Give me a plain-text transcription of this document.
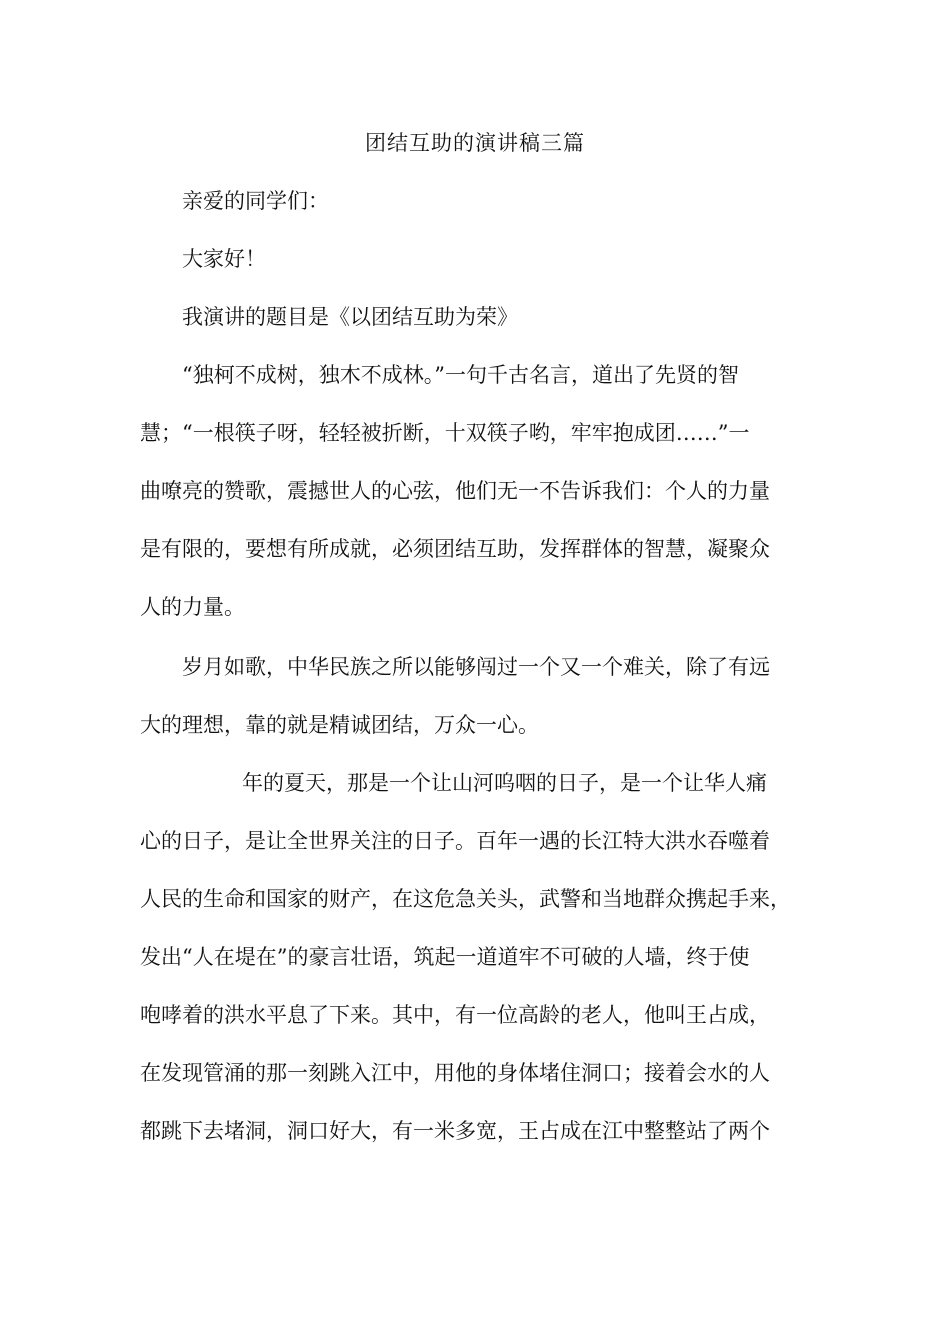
团结互助的演讲稿三篇
亲爱的同学们：
大家好！
我演讲的题目是《以团结互助为荣》
“独柯不成树，独木不成林。”一句千古名言，道出了先贤的智
慧；“一根筷子呀，轻轻被折断，十双筷子哟，牢牢抱成团……”一
曲嘹亮的赞歌，震撼世人的心弦，他们无一不告诉我们：个人的力量
是有限的，要想有所成就，必须团结互助，发挥群体的智慧，凝聚众
人的力量。
岁月如歌，中华民族之所以能够闯过一个又一个难关，除了有远
大的理想，靠的就是精诚团结，万众一心。
年的夏天，那是一个让山河呜咽的日子，是一个让华人痛
心的日子，是让全世界关注的日子。百年一遇的长江特大洪水吞噬着
人民的生命和国家的财产，在这危急关头，武警和当地群众携起手来，
发出“人在堤在”的豪言壮语，筑起一道道牢不可破的人墙，终于使
咆哮着的洪水平息了下来。其中，有一位高龄的老人，他叫王占成，
在发现管涌的那一刻跳入江中，用他的身体堵住洞口；接着会水的人
都跳下去堵洞，洞口好大，有一米多宽，王占成在江中整整站了两个
